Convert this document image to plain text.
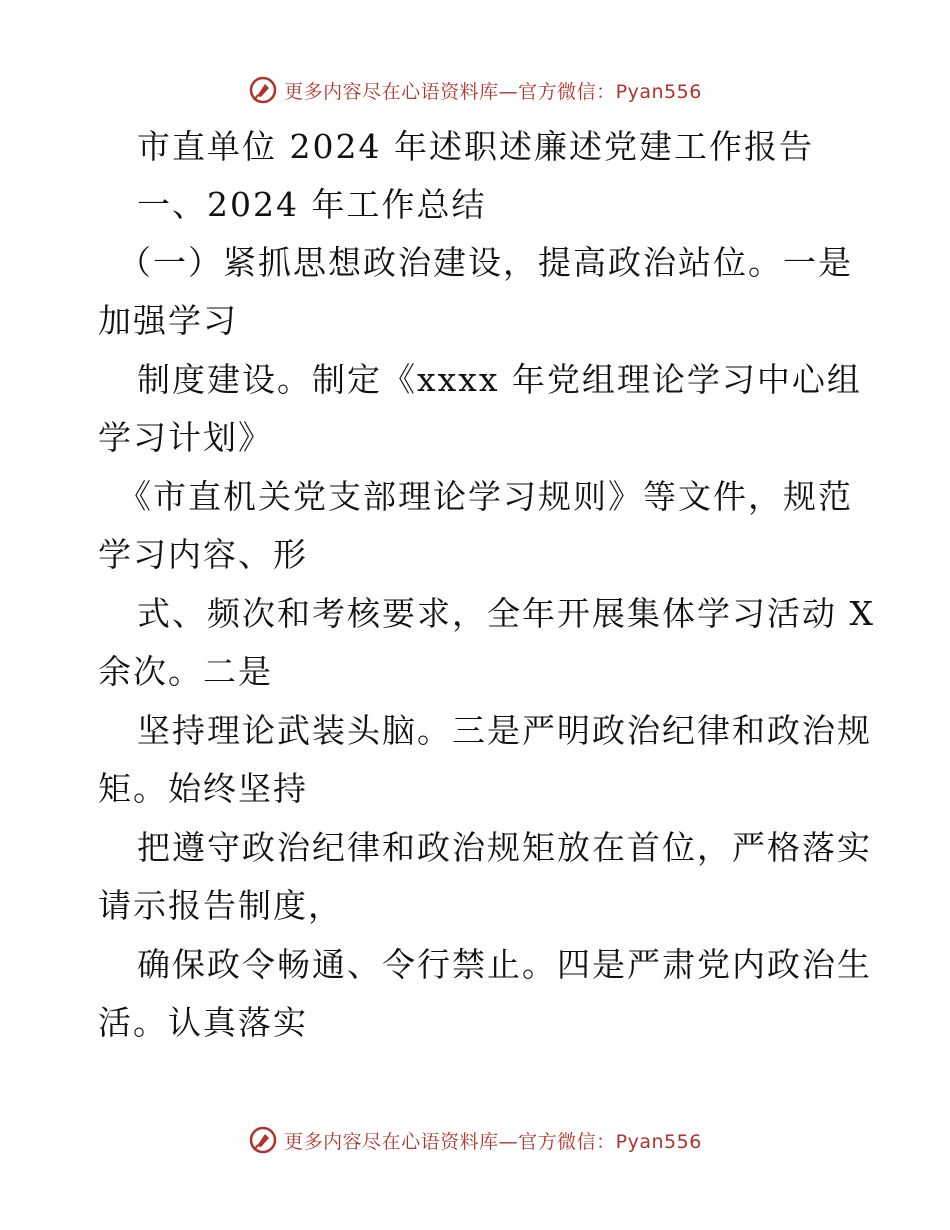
更多内容尽在心语资料库—官方微信：Pyan556
市直单位 2024 年述职述廉述党建工作报告
一、2024 年工作总结
（一）紧抓思想政治建设，提高政治站位。一是
加强学习
制度建设。制定《xxxx 年党组理论学习中心组
学习计划》
《市直机关党支部理论学习规则》等文件，规范
学习内容、形
式、频次和考核要求，全年开展集体学习活动 X
余次。二是
坚持理论武装头脑。三是严明政治纪律和政治规
矩。始终坚持
把遵守政治纪律和政治规矩放在首位，严格落实
请示报告制度，
确保政令畅通、令行禁止。四是严肃党内政治生
活。认真落实
更多内容尽在心语资料库—官方微信：Pyan556
